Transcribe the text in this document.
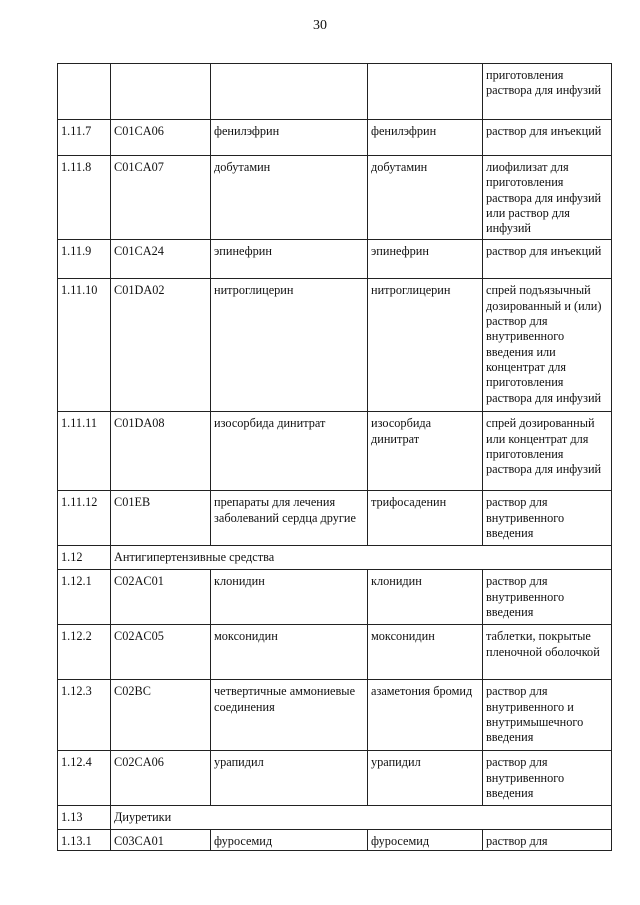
30
				приготовления раствора для инфузий
1.11.7	C01CA06	фенилэфрин	фенилэфрин	раствор для инъекций
1.11.8	C01CA07	добутамин	добутамин	лиофилизат для приготовления раствора для инфузий или раствор для инфузий
1.11.9	C01CA24	эпинефрин	эпинефрин	раствор для инъекций
1.11.10	C01DA02	нитроглицерин	нитроглицерин	спрей подъязычный дозированный и (или) раствор для внутривенного введения или концентрат для приготовления раствора для инфузий
1.11.11	C01DA08	изосорбида динитрат	изосорбида динитрат	спрей дозированный или концентрат для приготовления раствора для инфузий
1.11.12	C01EB	препараты для лечения заболеваний сердца другие	трифосаденин	раствор для внутривенного введения
1.12	Антигипертензивные средства			
1.12.1	C02AC01	клонидин	клонидин	раствор для внутривенного введения
1.12.2	C02AC05	моксонидин	моксонидин	таблетки, покрытые пленочной оболочкой
1.12.3	C02BC	четвертичные аммониевые соединения	азаметония бромид	раствор для внутривенного и внутримышечного введения
1.12.4	C02CA06	урапидил	урапидил	раствор для внутривенного введения
1.13	Диуретики			
1.13.1	C03CA01	фуросемид	фуросемид	раствор для
